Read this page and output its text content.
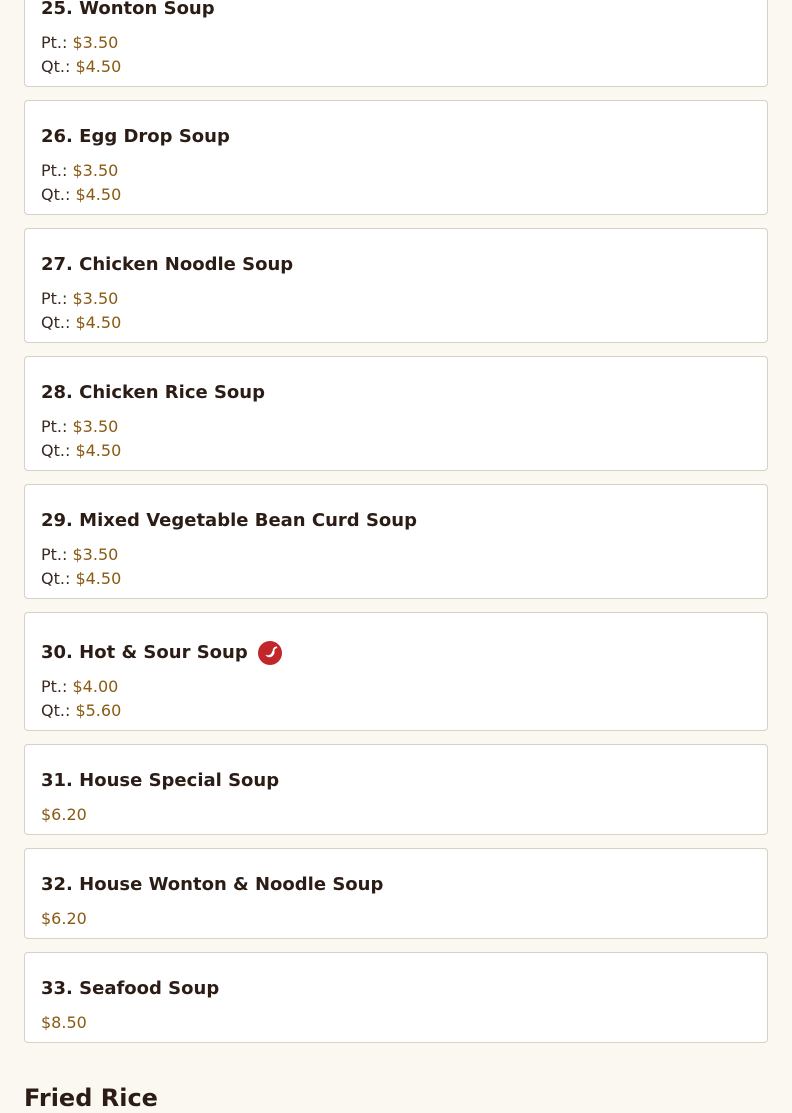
25. Wonton Soup
Pt.: $3.50
Qt.: $4.50
26. Egg Drop Soup
Pt.: $3.50
Qt.: $4.50
27. Chicken Noodle Soup
Pt.: $3.50
Qt.: $4.50
28. Chicken Rice Soup
Pt.: $3.50
Qt.: $4.50
29. Mixed Vegetable Bean Curd Soup
Pt.: $3.50
Qt.: $4.50
30. Hot & Sour Soup
Pt.: $4.00
Qt.: $5.60
31. House Special Soup
$6.20
32. House Wonton & Noodle Soup
$6.20
33. Seafood Soup
$8.50
Fried Rice
